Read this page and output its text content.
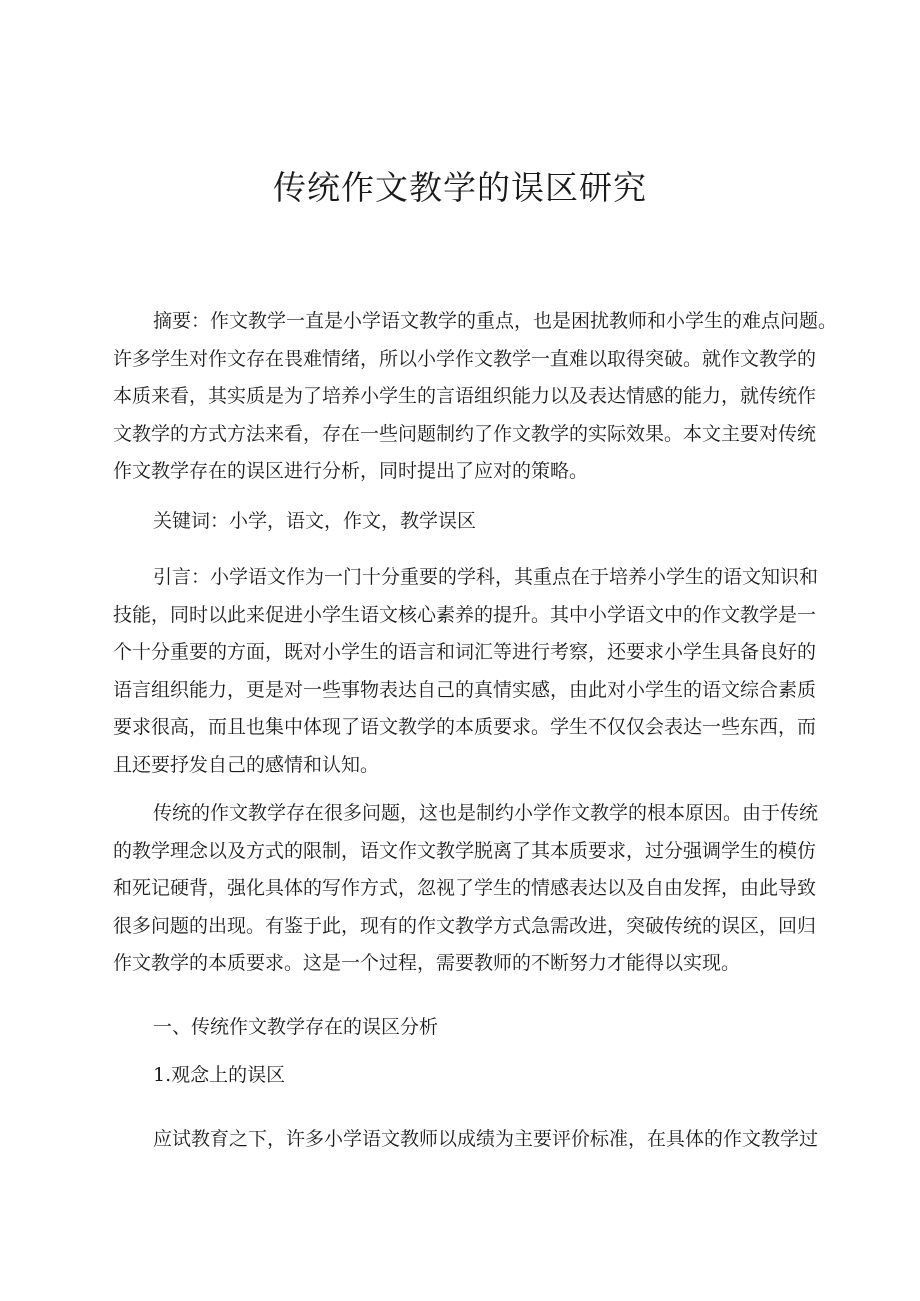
传统作文教学的误区研究
摘要：作文教学一直是小学语文教学的重点，也是困扰教师和小学生的难点问题。
许多学生对作文存在畏难情绪，所以小学作文教学一直难以取得突破。就作文教学的
本质来看，其实质是为了培养小学生的言语组织能力以及表达情感的能力，就传统作
文教学的方式方法来看，存在一些问题制约了作文教学的实际效果。本文主要对传统
作文教学存在的误区进行分析，同时提出了应对的策略。
关键词：小学，语文，作文，教学误区
引言：小学语文作为一门十分重要的学科，其重点在于培养小学生的语文知识和
技能，同时以此来促进小学生语文核心素养的提升。其中小学语文中的作文教学是一
个十分重要的方面，既对小学生的语言和词汇等进行考察，还要求小学生具备良好的
语言组织能力，更是对一些事物表达自己的真情实感，由此对小学生的语文综合素质
要求很高，而且也集中体现了语文教学的本质要求。学生不仅仅会表达一些东西，而
且还要抒发自己的感情和认知。
传统的作文教学存在很多问题，这也是制约小学作文教学的根本原因。由于传统
的教学理念以及方式的限制，语文作文教学脱离了其本质要求，过分强调学生的模仿
和死记硬背，强化具体的写作方式，忽视了学生的情感表达以及自由发挥，由此导致
很多问题的出现。有鉴于此，现有的作文教学方式急需改进，突破传统的误区，回归
作文教学的本质要求。这是一个过程，需要教师的不断努力才能得以实现。
一、传统作文教学存在的误区分析
1.观念上的误区
应试教育之下，许多小学语文教师以成绩为主要评价标准，在具体的作文教学过
